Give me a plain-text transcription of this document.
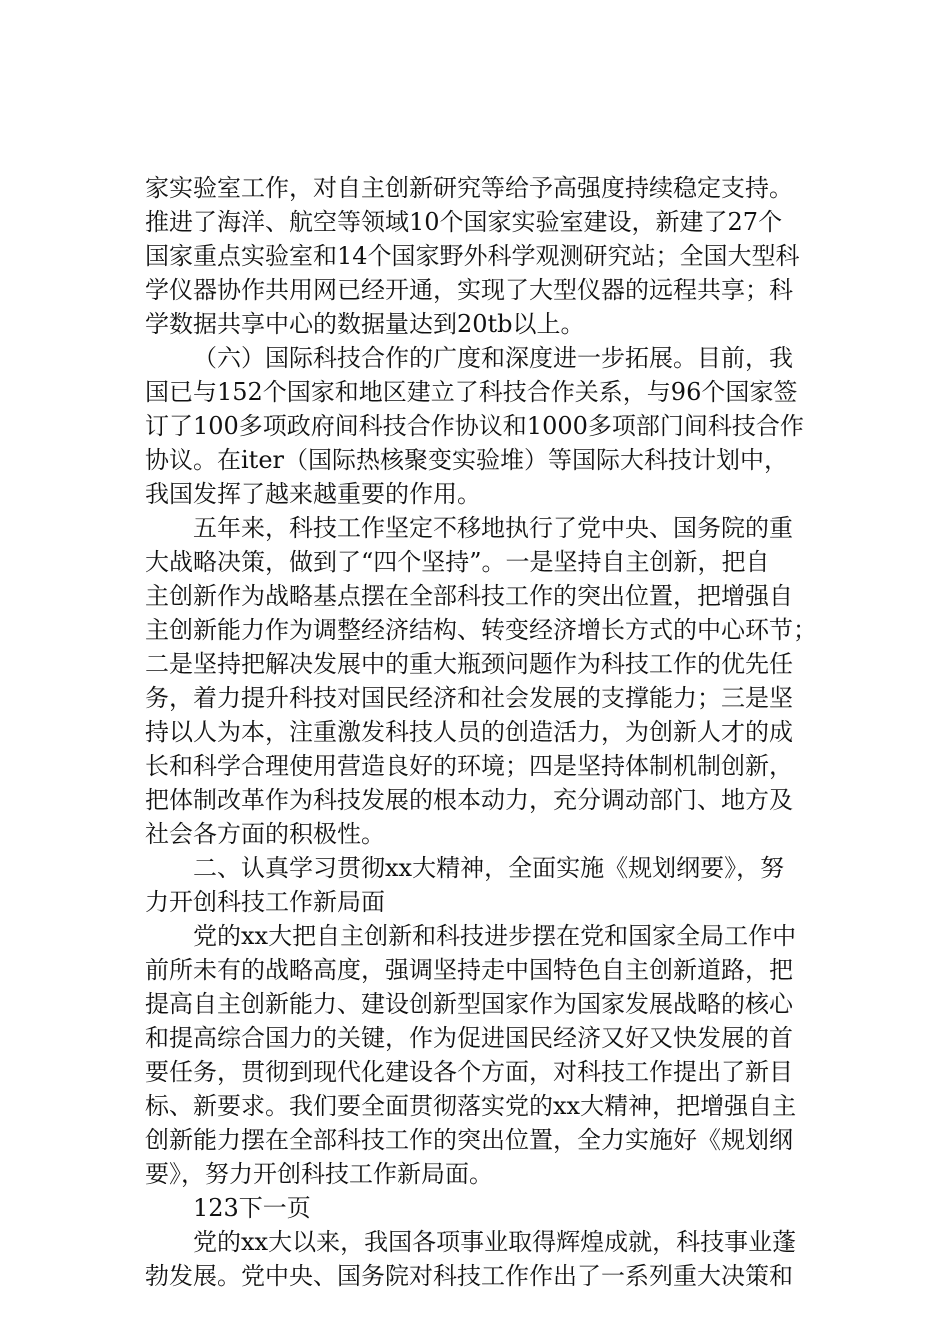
家实验室工作，对自主创新研究等给予高强度持续稳定支持。
推进了海洋、航空等领域10个国家实验室建设，新建了27个
国家重点实验室和14个国家野外科学观测研究站；全国大型科
学仪器协作共用网已经开通，实现了大型仪器的远程共享；科
学数据共享中心的数据量达到20tb以上。
（六）国际科技合作的广度和深度进一步拓展。目前，我
国已与152个国家和地区建立了科技合作关系，与96个国家签
订了100多项政府间科技合作协议和1000多项部门间科技合作
协议。在iter（国际热核聚变实验堆）等国际大科技计划中，
我国发挥了越来越重要的作用。
五年来，科技工作坚定不移地执行了党中央、国务院的重
大战略决策，做到了“四个坚持”。一是坚持自主创新，把自
主创新作为战略基点摆在全部科技工作的突出位置，把增强自
主创新能力作为调整经济结构、转变经济增长方式的中心环节；
二是坚持把解决发展中的重大瓶颈问题作为科技工作的优先任
务，着力提升科技对国民经济和社会发展的支撑能力；三是坚
持以人为本，注重激发科技人员的创造活力，为创新人才的成
长和科学合理使用营造良好的环境；四是坚持体制机制创新，
把体制改革作为科技发展的根本动力，充分调动部门、地方及
社会各方面的积极性。
二、认真学习贯彻xx大精神，全面实施《规划纲要》，努
力开创科技工作新局面
党的xx大把自主创新和科技进步摆在党和国家全局工作中
前所未有的战略高度，强调坚持走中国特色自主创新道路，把
提高自主创新能力、建设创新型国家作为国家发展战略的核心
和提高综合国力的关键，作为促进国民经济又好又快发展的首
要任务，贯彻到现代化建设各个方面，对科技工作提出了新目
标、新要求。我们要全面贯彻落实党的xx大精神，把增强自主
创新能力摆在全部科技工作的突出位置，全力实施好《规划纲
要》，努力开创科技工作新局面。
123下一页
党的xx大以来，我国各项事业取得辉煌成就，科技事业蓬
勃发展。党中央、国务院对科技工作作出了一系列重大决策和
